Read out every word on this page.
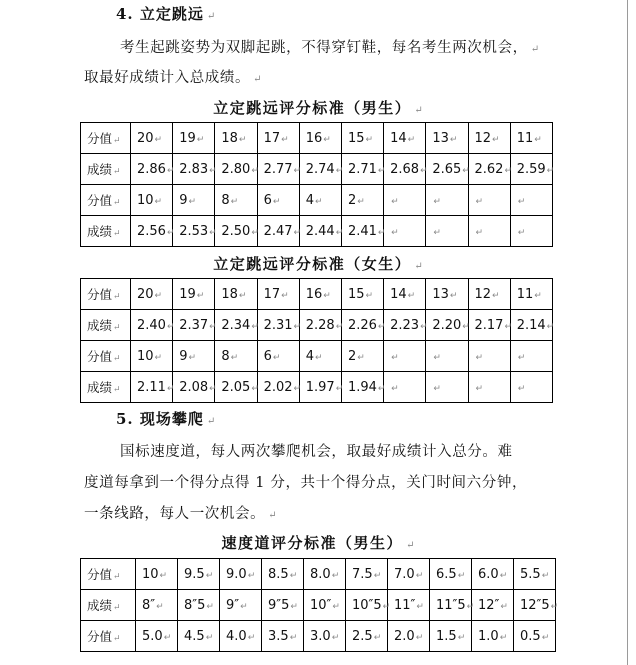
4. 立定跳远 ↵
考生起跳姿势为双脚起跳，不得穿钉鞋，每名考生两次机会， ↵
取最好成绩计入总成绩。 ↵
立定跳远评分标准（男生） ↵
分值↵	20↵	19↵	18↵	17↵	16↵	15↵	14↵	13↵	12↵	11↵
成绩↵	2.86↵	2.83↵	2.80↵	2.77↵	2.74↵	2.71↵	2.68↵	2.65↵	2.62↵	2.59↵
分值↵	10↵	9↵	8↵	6↵	4↵	2↵	↵	↵	↵	↵
成绩↵	2.56↵	2.53↵	2.50↵	2.47↵	2.44↵	2.41↵	↵	↵	↵	↵
立定跳远评分标准（女生） ↵
分值↵	20↵	19↵	18↵	17↵	16↵	15↵	14↵	13↵	12↵	11↵
成绩↵	2.40↵	2.37↵	2.34↵	2.31↵	2.28↵	2.26↵	2.23↵	2.20↵	2.17↵	2.14↵
分值↵	10↵	9↵	8↵	6↵	4↵	2↵	↵	↵	↵	↵
成绩↵	2.11↵	2.08↵	2.05↵	2.02↵	1.97↵	1.94↵	↵	↵	↵	↵
5. 现场攀爬 ↵
国标速度道，每人两次攀爬机会，取最好成绩计入总分。难
度道每拿到一个得分点得 1 分，共十个得分点，关门时间六分钟，
一条线路，每人一次机会。 ↵
速度道评分标准（男生） ↵
分值↵	10↵	9.5↵	9.0↵	8.5↵	8.0↵	7.5↵	7.0↵	6.5↵	6.0↵	5.5↵
成绩↵	8″↵	8″5↵	9″↵	9″5↵	10″↵	10″5↵	11″↵	11″5↵	12″↵	12″5↵
分值↵	5.0↵	4.5↵	4.0↵	3.5↵	3.0↵	2.5↵	2.0↵	1.5↵	1.0↵	0.5↵
